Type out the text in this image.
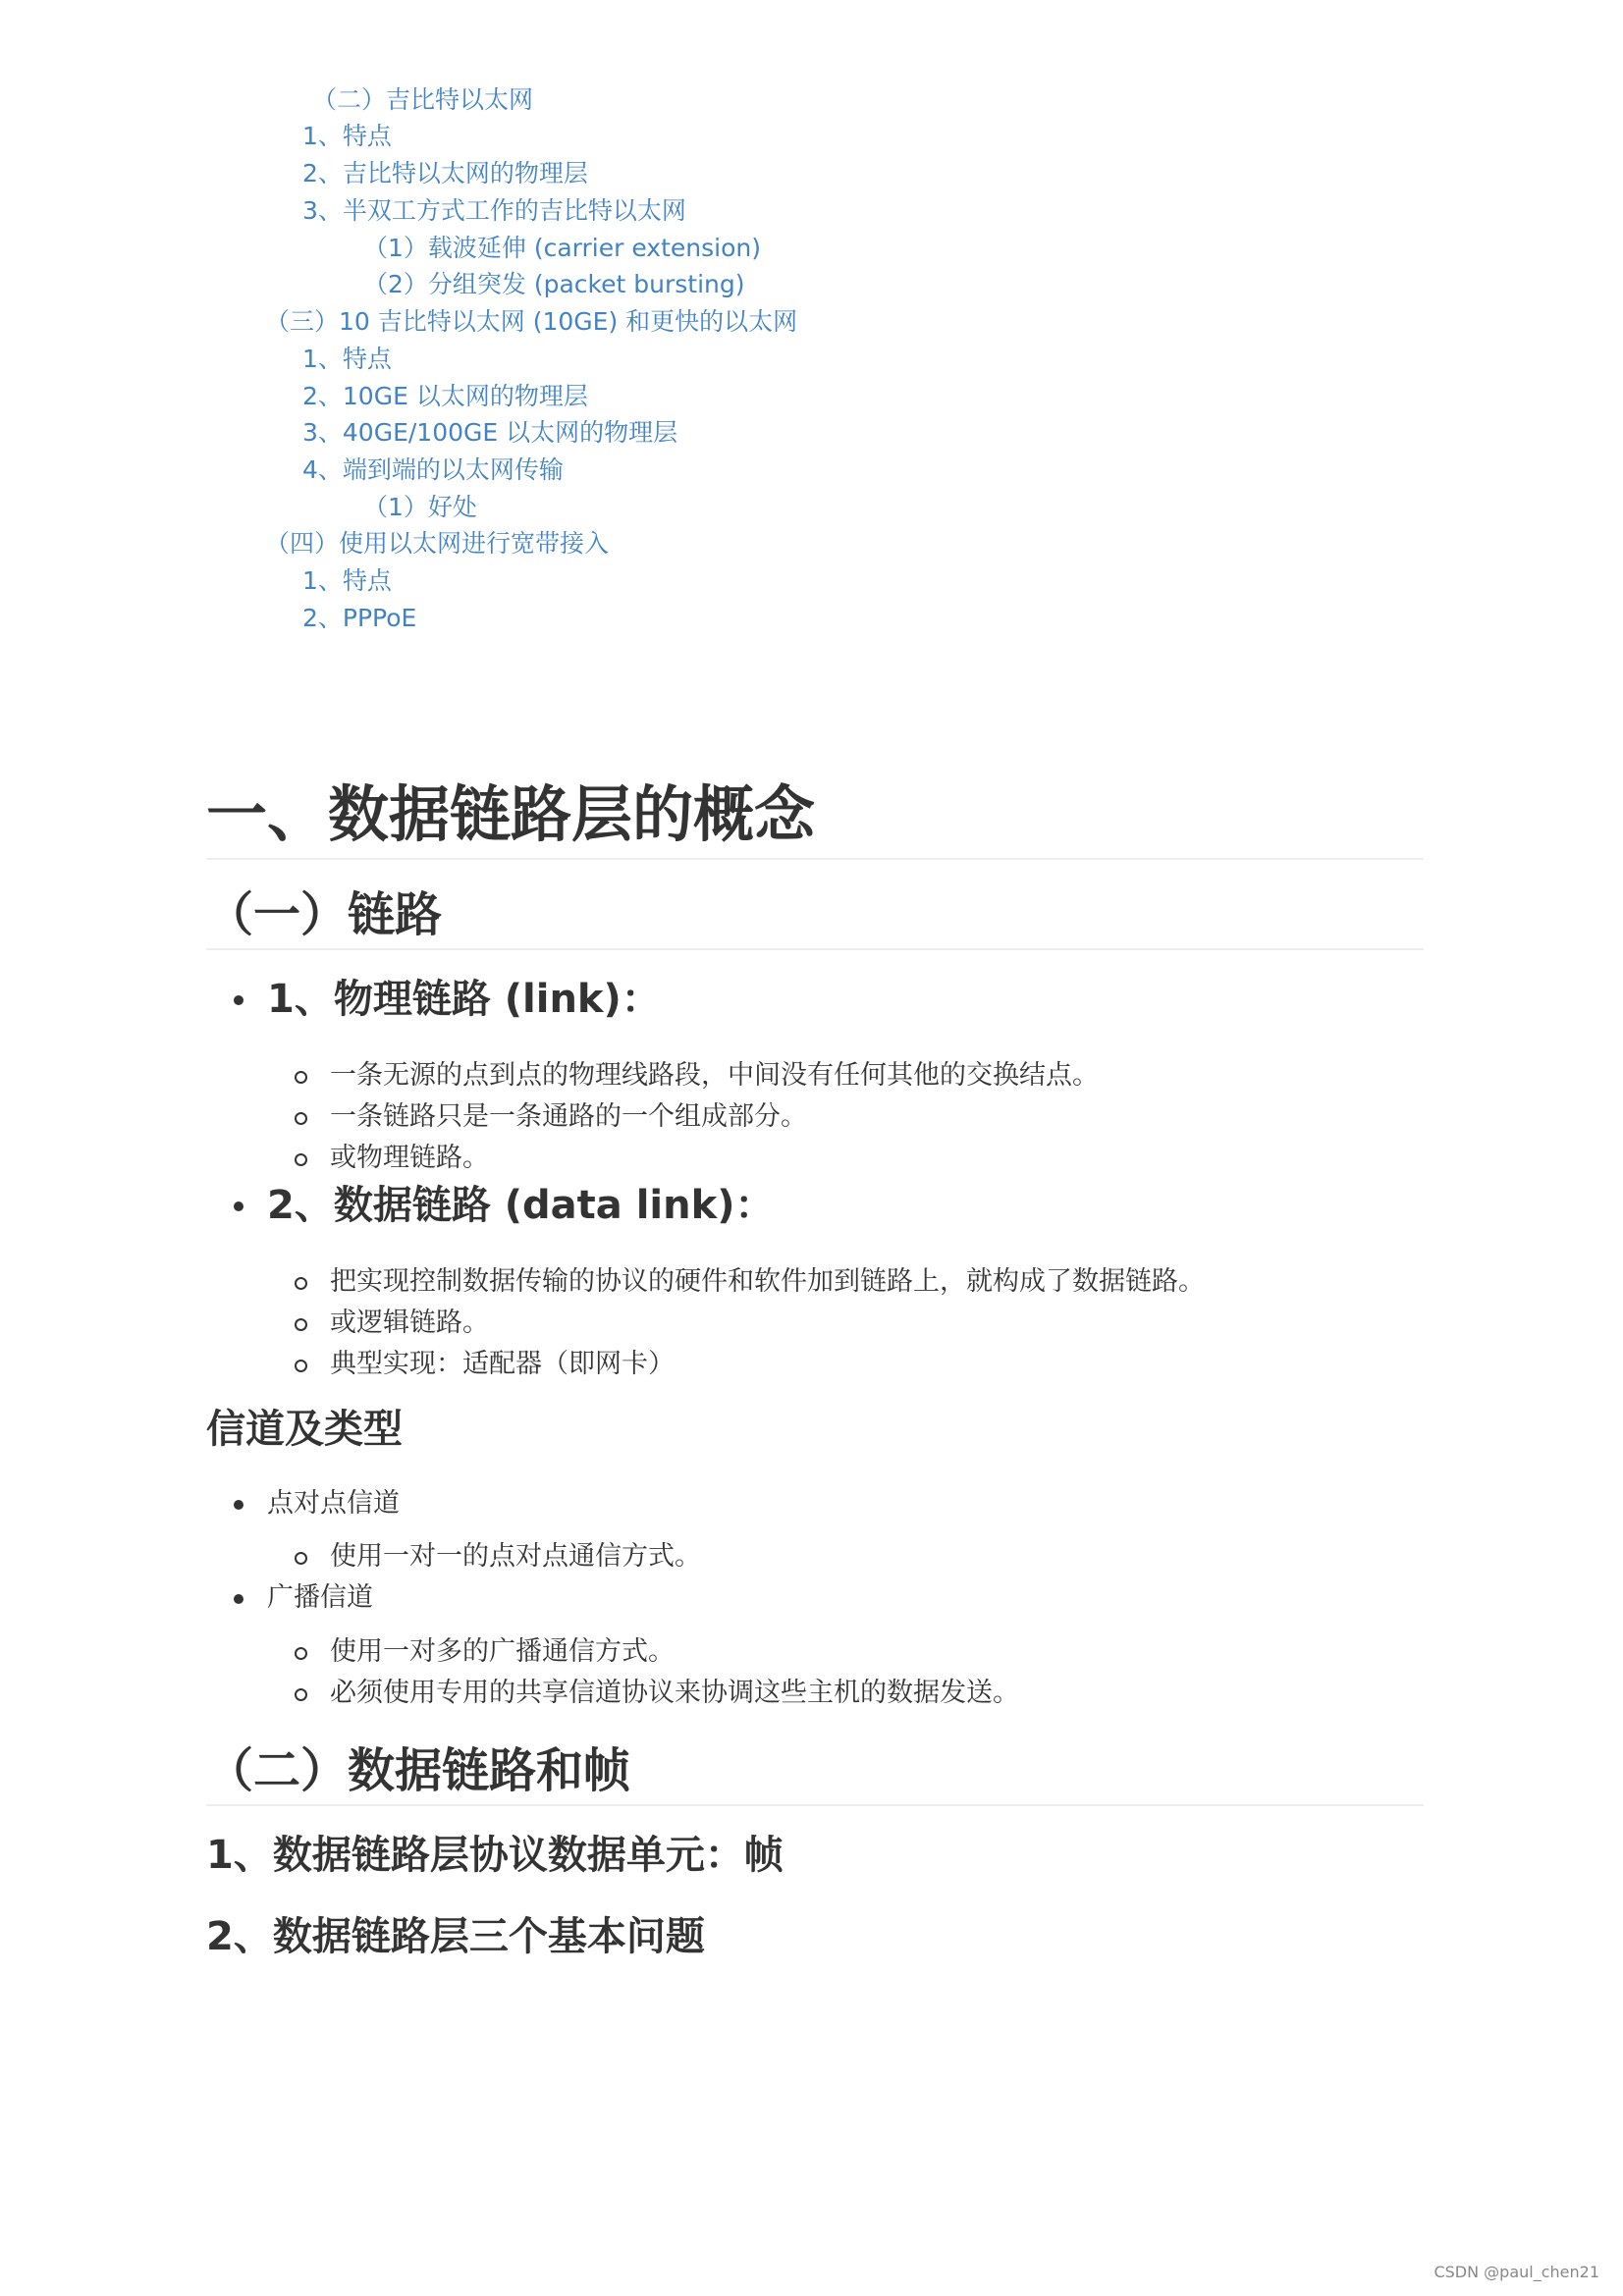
（二）吉比特以太网
1、特点
2、吉比特以太网的物理层
3、半双工方式工作的吉比特以太网
（1）载波延伸 (carrier extension)
（2）分组突发 (packet bursting)
（三）10 吉比特以太网 (10GE) 和更快的以太网
1、特点
2、10GE 以太网的物理层
3、40GE/100GE 以太网的物理层
4、端到端的以太网传输
（1）好处
（四）使用以太网进行宽带接入
1、特点
2、PPPoE
一、数据链路层的概念
（一）链路
1、物理链路 (link)：
一条无源的点到点的物理线路段，中间没有任何其他的交换结点。
一条链路只是一条通路的一个组成部分。
或物理链路。
2、数据链路 (data link)：
把实现控制数据传输的协议的硬件和软件加到链路上，就构成了数据链路。
或逻辑链路。
典型实现：适配器（即网卡）
信道及类型
点对点信道
使用一对一的点对点通信方式。
广播信道
使用一对多的广播通信方式。
必须使用专用的共享信道协议来协调这些主机的数据发送。
（二）数据链路和帧
1、数据链路层协议数据单元：帧
2、数据链路层三个基本问题
CSDN @paul_chen21
